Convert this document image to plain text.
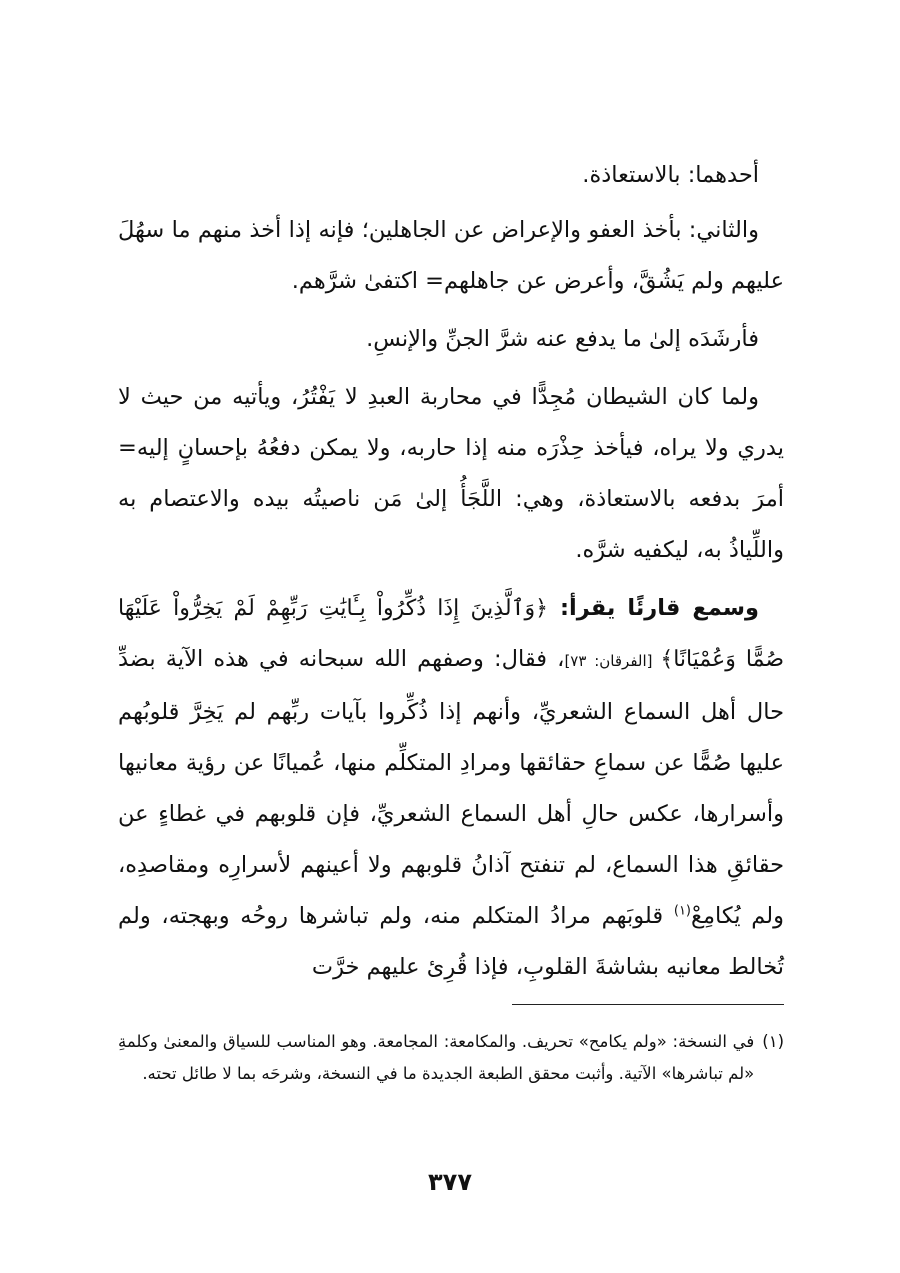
أحدهما: بالاستعاذة.

والثاني: بأخذ العفو والإعراض عن الجاهلين؛ فإنه إذا أخذ منهم ما سهُلَ عليهم ولم يَشُقَّ، وأعرض عن جاهلهم= اكتفىٰ شرَّهم.

فأرشَدَه إلىٰ ما يدفع عنه شرَّ الجنِّ والإنسِ.

ولما كان الشيطان مُجِدًّا في محاربة العبدِ لا يَفْتُرُ، ويأتيه من حيث لا يدري ولا يراه، فيأخذ حِذْرَه منه إذا حاربه، ولا يمكن دفعُهُ بإحسانٍ إليه= أمرَ بدفعه بالاستعاذة، وهي: اللَّجَأُ إلىٰ مَن ناصيتُه بيده والاعتصام به واللِّياذُ به، ليكفيه شرَّه.

وسمع قارئًا يقرأ: ﴿وَٱلَّذِينَ إِذَا ذُكِّرُواْ بِـَٔايَٰتِ رَبِّهِمْ لَمْ يَخِرُّواْ عَلَيْهَا صُمًّا وَعُمْيَانًا﴾ [الفرقان: ٧٣]، فقال: وصفهم الله سبحانه في هذه الآية بضدِّ حال أهل السماع الشعريِّ، وأنهم إذا ذُكِّروا بآيات ربِّهم لم يَخِرَّ قلوبُهم عليها صُمًّا عن سماعِ حقائقها ومرادِ المتكلِّم منها، عُميانًا عن رؤية معانيها وأسرارها، عكس حالِ أهل السماع الشعريِّ، فإن قلوبهم في غطاءٍ عن حقائقِ هذا السماع، لم تنفتح آذانُ قلوبهم ولا أعينهم لأسرارِه ومقاصدِه، ولم يُكامِعْ$^{(١)}$ قلوبَهم مرادُ المتكلم منه، ولم تباشرها روحُه وبهجته، ولم تُخالط معانيه بشاشةَ القلوبِ، فإذا قُرِئ عليهم خرَّت

(١)
في النسخة: «ولم يكامح» تحريف. والمكامعة: المجامعة. وهو المناسب للسياق والمعنىٰ وكلمةِ «لم تباشرها» الآتية. وأثبت محقق الطبعة الجديدة ما في النسخة، وشرحَه بما لا طائل تحته.
٣٧٧
